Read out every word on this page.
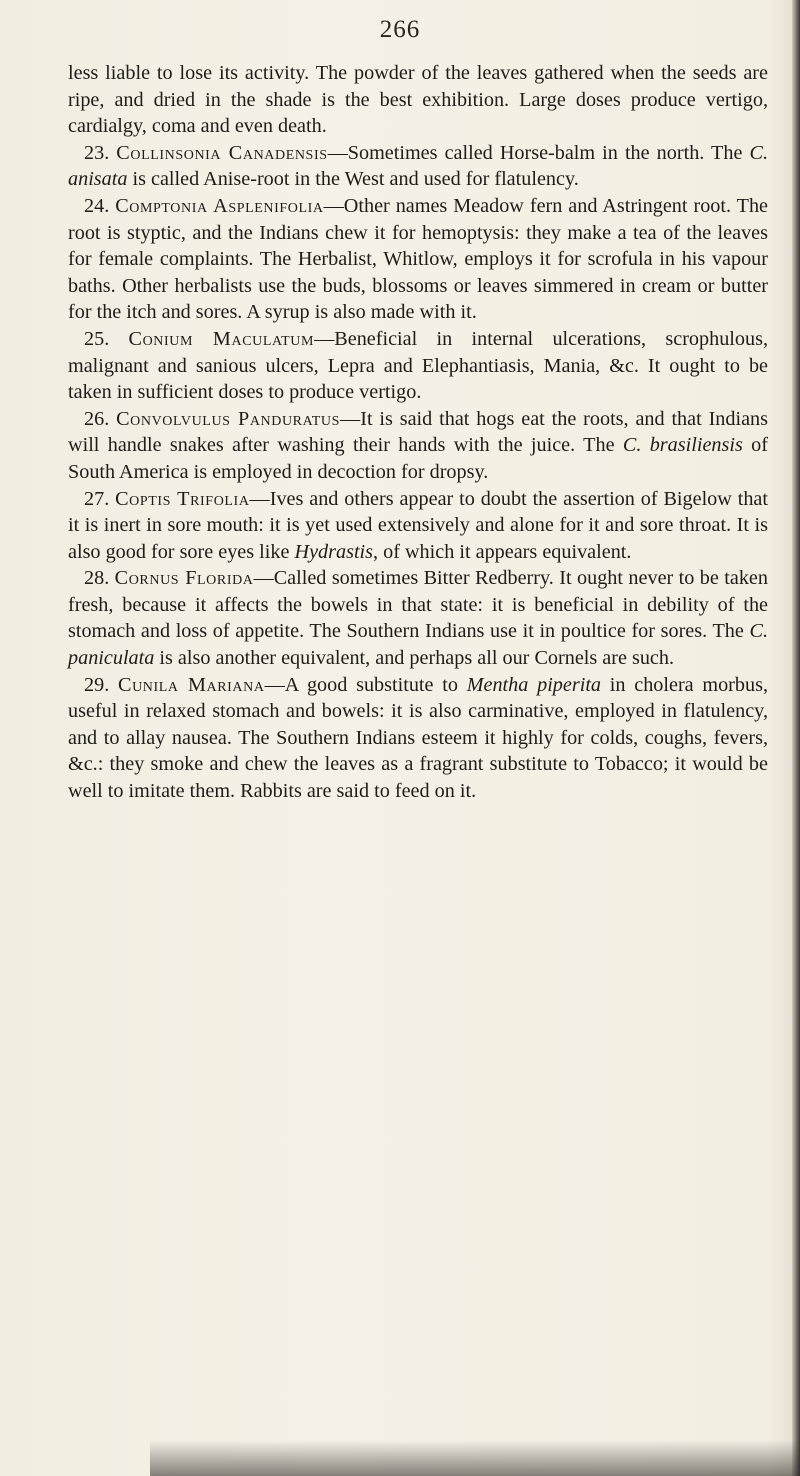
266

less liable to lose its activity. The powder of the leaves gathered when the seeds are ripe, and dried in the shade is the best exhibition. Large doses produce vertigo, cardialgy, coma and even death.

23. Collinsonia Canadensis—Sometimes called Horse-balm in the north. The C. anisata is called Anise-root in the West and used for flatulency.

24. Comptonia Asplenifolia—Other names Meadow fern and Astringent root. The root is styptic, and the Indians chew it for hemoptysis: they make a tea of the leaves for female complaints. The Herbalist, Whitlow, employs it for scrofula in his vapour baths. Other herbalists use the buds, blossoms or leaves simmered in cream or butter for the itch and sores. A syrup is also made with it.

25. Conium Maculatum—Beneficial in internal ulcerations, scrophulous, malignant and sanious ulcers, Lepra and Elephantiasis, Mania, &c. It ought to be taken in sufficient doses to produce vertigo.

26. Convolvulus Panduratus—It is said that hogs eat the roots, and that Indians will handle snakes after washing their hands with the juice. The C. brasiliensis of South America is employed in decoction for dropsy.

27. Coptis Trifolia—Ives and others appear to doubt the assertion of Bigelow that it is inert in sore mouth: it is yet used extensively and alone for it and sore throat. It is also good for sore eyes like Hydrastis, of which it appears equivalent.

28. Cornus Florida—Called sometimes Bitter Redberry. It ought never to be taken fresh, because it affects the bowels in that state: it is beneficial in debility of the stomach and loss of appetite. The Southern Indians use it in poultice for sores. The C. paniculata is also another equivalent, and perhaps all our Cornels are such.

29. Cunila Mariana—A good substitute to Mentha piperita in cholera morbus, useful in relaxed stomach and bowels: it is also carminative, employed in flatulency, and to allay nausea. The Southern Indians esteem it highly for colds, coughs, fevers, &c.: they smoke and chew the leaves as a fragrant substitute to Tobacco; it would be well to imitate them. Rabbits are said to feed on it.
